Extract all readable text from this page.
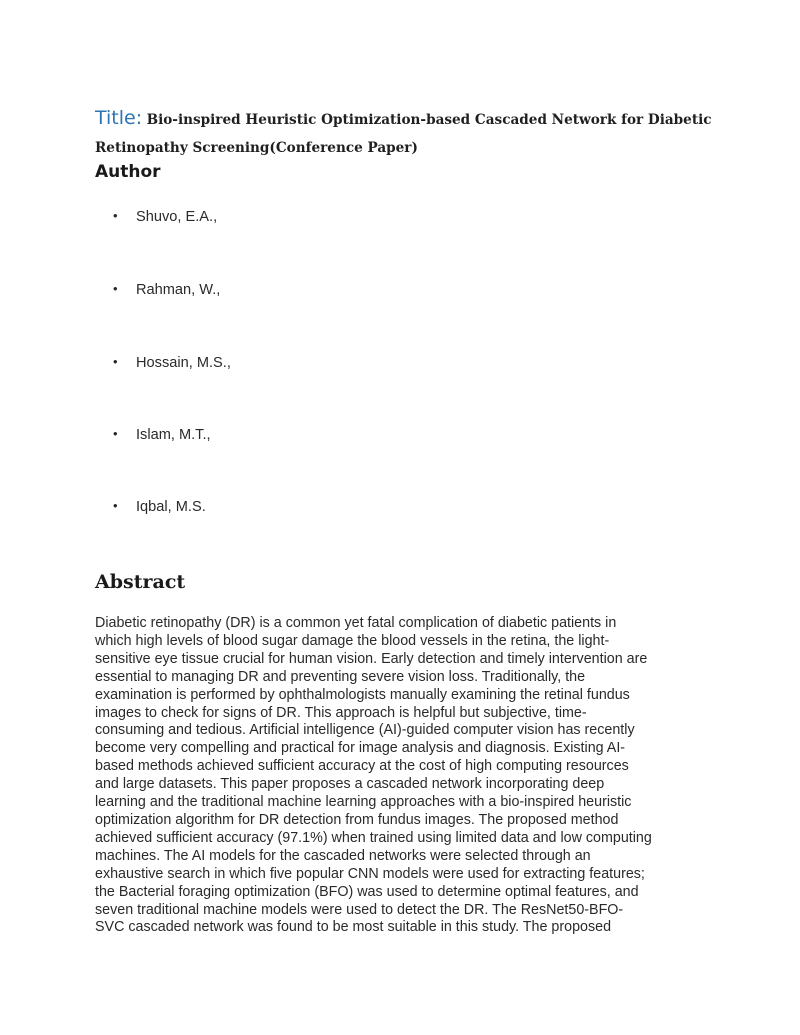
Title: Bio-inspired Heuristic Optimization-based Cascaded Network for Diabetic
Retinopathy Screening(Conference Paper)
Author
• Shuvo, E.A.,
• Rahman, W.,
• Hossain, M.S.,
• Islam, M.T.,
• Iqbal, M.S.
Abstract
Diabetic retinopathy (DR) is a common yet fatal complication of diabetic patients in
which high levels of blood sugar damage the blood vessels in the retina, the light-
sensitive eye tissue crucial for human vision. Early detection and timely intervention are
essential to managing DR and preventing severe vision loss. Traditionally, the
examination is performed by ophthalmologists manually examining the retinal fundus
images to check for signs of DR. This approach is helpful but subjective, time-
consuming and tedious. Artificial intelligence (AI)-guided computer vision has recently
become very compelling and practical for image analysis and diagnosis. Existing AI-
based methods achieved sufficient accuracy at the cost of high computing resources
and large datasets. This paper proposes a cascaded network incorporating deep
learning and the traditional machine learning approaches with a bio-inspired heuristic
optimization algorithm for DR detection from fundus images. The proposed method
achieved sufficient accuracy (97.1%) when trained using limited data and low computing
machines. The AI models for the cascaded networks were selected through an
exhaustive search in which five popular CNN models were used for extracting features;
the Bacterial foraging optimization (BFO) was used to determine optimal features, and
seven traditional machine models were used to detect the DR. The ResNet50-BFO-
SVC cascaded network was found to be most suitable in this study. The proposed
